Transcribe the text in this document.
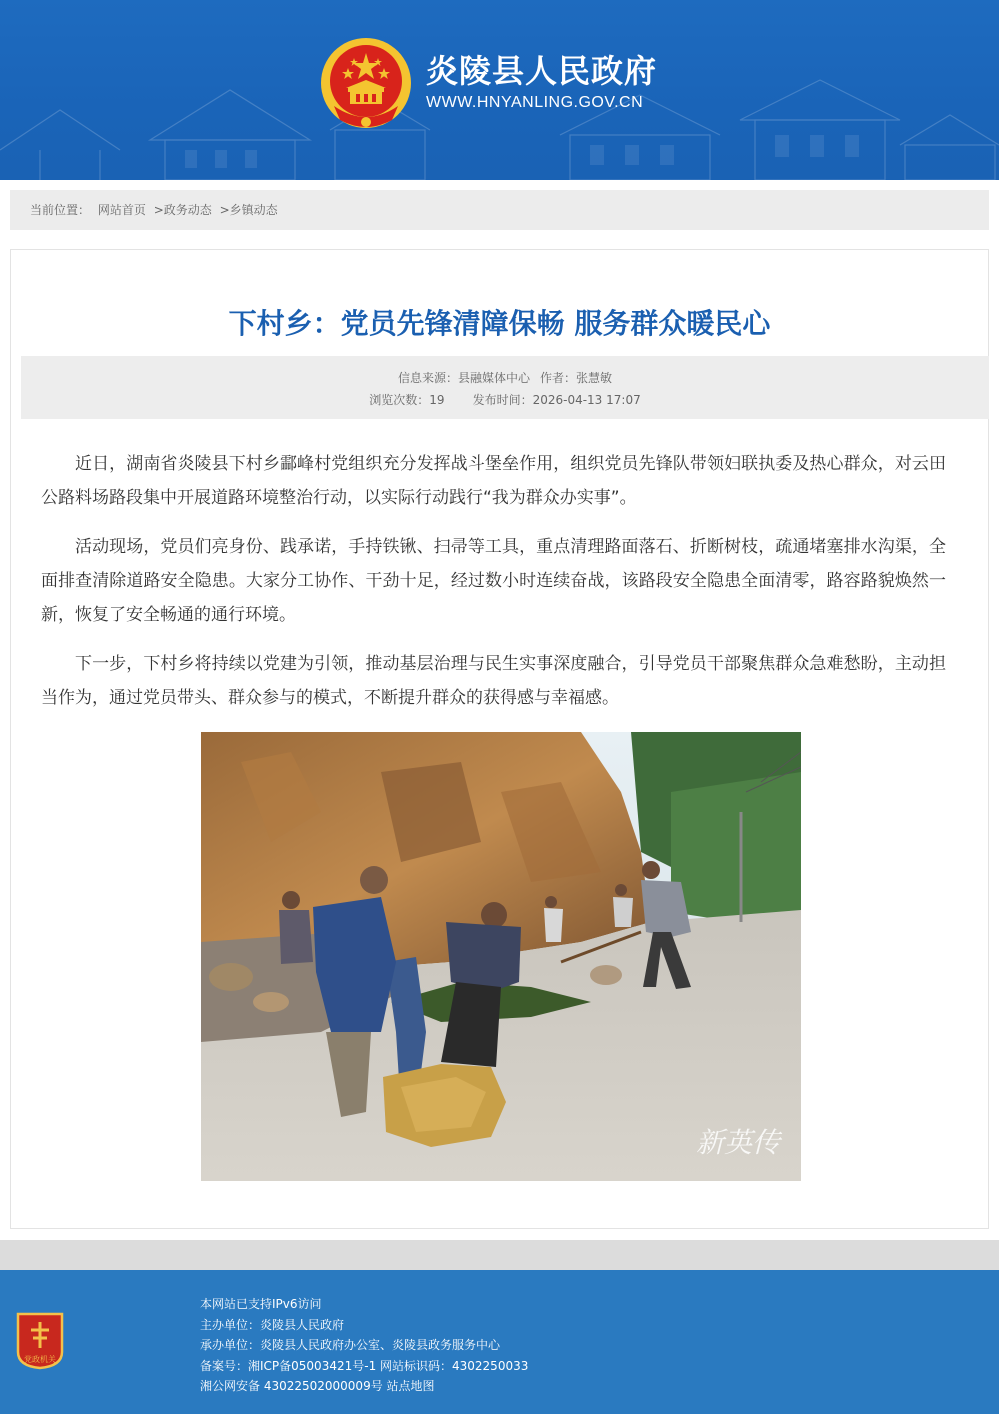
炎陵县人民政府
WWW.HNYANLING.GOV.CN
当前位置： 网站首页 >政务动态 >乡镇动态
下村乡：党员先锋清障保畅 服务群众暖民心
信息来源：县融媒体中心 作者：张慧敏
浏览次数：19 发布时间：2026-04-13 17:07

近日，湖南省炎陵县下村乡酃峰村党组织充分发挥战斗堡垒作用，组织党员先锋队带领妇联执委及热心群众，对云田公路料场路段集中开展道路环境整治行动，以实际行动践行“我为群众办实事”。

活动现场，党员们亮身份、践承诺，手持铁锹、扫帚等工具，重点清理路面落石、折断树枝，疏通堵塞排水沟渠，全面排查清除道路安全隐患。大家分工协作、干劲十足，经过数小时连续奋战，该路段安全隐患全面清零，路容路貌焕然一新，恢复了安全畅通的通行环境。

下一步，下村乡将持续以党建为引领，推动基层治理与民生实事深度融合，引导党员干部聚焦群众急难愁盼，主动担当作为，通过党员带头、群众参与的模式，不断提升群众的获得感与幸福感。

新英传
党政机关
本网站已支持IPv6访问
主办单位：炎陵县人民政府
承办单位：炎陵县人民政府办公室、炎陵县政务服务中心
备案号：湘ICP备05003421号-1 网站标识码：4302250033
湘公网安备 43022502000009号 站点地图
